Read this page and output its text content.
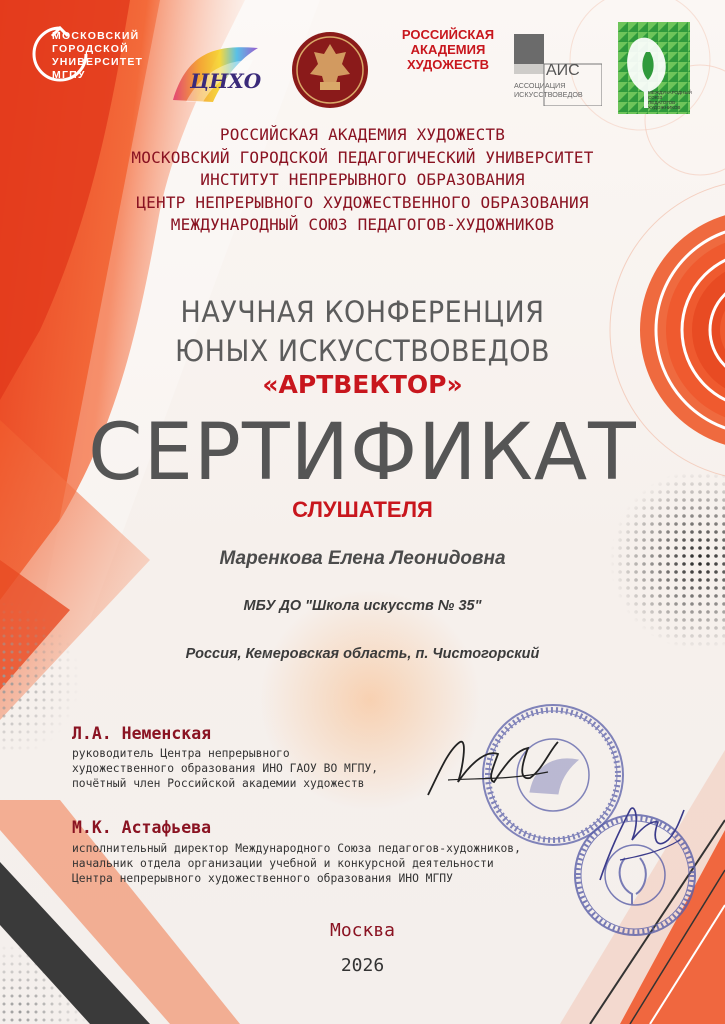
МОСКОВСКИЙ
ГОРОДСКОЙ
УНИВЕРСИТЕТ
МГПУ	ЦНХО
РОССИЙСКАЯ
АКАДЕМИЯ
ХУДОЖЕСТВ	АИС
АССОЦИАЦИЯ
ИСКУССТВОВЕДОВ	МЕЖДУНАРОДНЫЙ
СОЮЗ
ПЕДАГОГОВ-
ХУДОЖНИКОВ
РОССИЙСКАЯ АКАДЕМИЯ ХУДОЖЕСТВ
МОСКОВСКИЙ ГОРОДСКОЙ ПЕДАГОГИЧЕСКИЙ УНИВЕРСИТЕТ
ИНСТИТУТ НЕПРЕРЫВНОГО ОБРАЗОВАНИЯ
ЦЕНТР НЕПРЕРЫВНОГО ХУДОЖЕСТВЕННОГО ОБРАЗОВАНИЯ
МЕЖДУНАРОДНЫЙ СОЮЗ ПЕДАГОГОВ-ХУДОЖНИКОВ
НАУЧНАЯ КОНФЕРЕНЦИЯ
ЮНЫХ ИСКУССТВОВЕДОВ
«АРТВЕКТОР»
СЕРТИФИКАТ
СЛУШАТЕЛЯ
Маренкова Елена Леонидовна
МБУ ДО "Школа искусств № 35"
Россия, Кемеровская область, п. Чистогорский
Л.А. Неменская
руководитель Центра непрерывного
художественного образования ИНО ГАОУ ВО МГПУ,
почётный член Российской академии художеств
М.К. Астафьева
исполнительный директор Международного Союза педагогов-художников,
начальник отдела организации учебной и конкурсной деятельности
Центра непрерывного художественного образования ИНО МГПУ
Москва
2026
